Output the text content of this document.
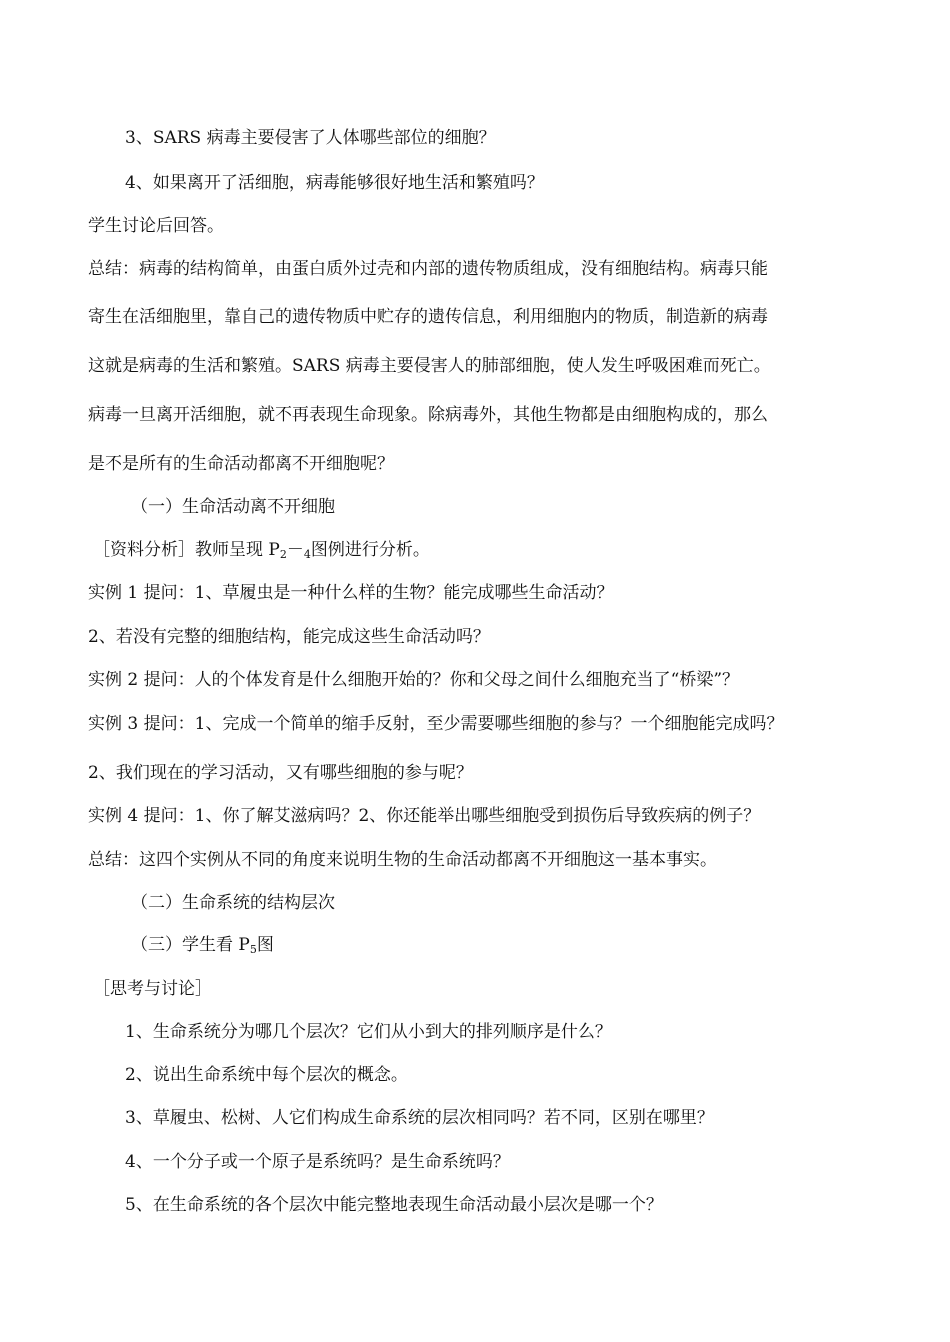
3、SARS 病毒主要侵害了人体哪些部位的细胞？
4、如果离开了活细胞，病毒能够很好地生活和繁殖吗？
学生讨论后回答。
总结：病毒的结构简单，由蛋白质外过壳和内部的遗传物质组成，没有细胞结构。病毒只能
寄生在活细胞里，靠自己的遗传物质中贮存的遗传信息，利用细胞内的物质，制造新的病毒
这就是病毒的生活和繁殖。SARS 病毒主要侵害人的肺部细胞，使人发生呼吸困难而死亡。
病毒一旦离开活细胞，就不再表现生命现象。除病毒外，其他生物都是由细胞构成的，那么
是不是所有的生命活动都离不开细胞呢？
（一）生命活动离不开细胞
［资料分析］教师呈现 $P_2-_4$图例进行分析。
实例 1 提问：1、草履虫是一种什么样的生物？能完成哪些生命活动？
2、若没有完整的细胞结构，能完成这些生命活动吗？
实例 2 提问：人的个体发育是什么细胞开始的？你和父母之间什么细胞充当了“桥梁”？
实例 3 提问：1、完成一个简单的缩手反射，至少需要哪些细胞的参与？一个细胞能完成吗？
2、我们现在的学习活动，又有哪些细胞的参与呢？
实例 4 提问：1、你了解艾滋病吗？2、你还能举出哪些细胞受到损伤后导致疾病的例子？
总结：这四个实例从不同的角度来说明生物的生命活动都离不开细胞这一基本事实。
（二）生命系统的结构层次
（三）学生看 $P_5$图
［思考与讨论］
1、生命系统分为哪几个层次？它们从小到大的排列顺序是什么？
2、说出生命系统中每个层次的概念。
3、草履虫、松树、人它们构成生命系统的层次相同吗？若不同，区别在哪里？
4、一个分子或一个原子是系统吗？是生命系统吗？
5、在生命系统的各个层次中能完整地表现生命活动最小层次是哪一个？
